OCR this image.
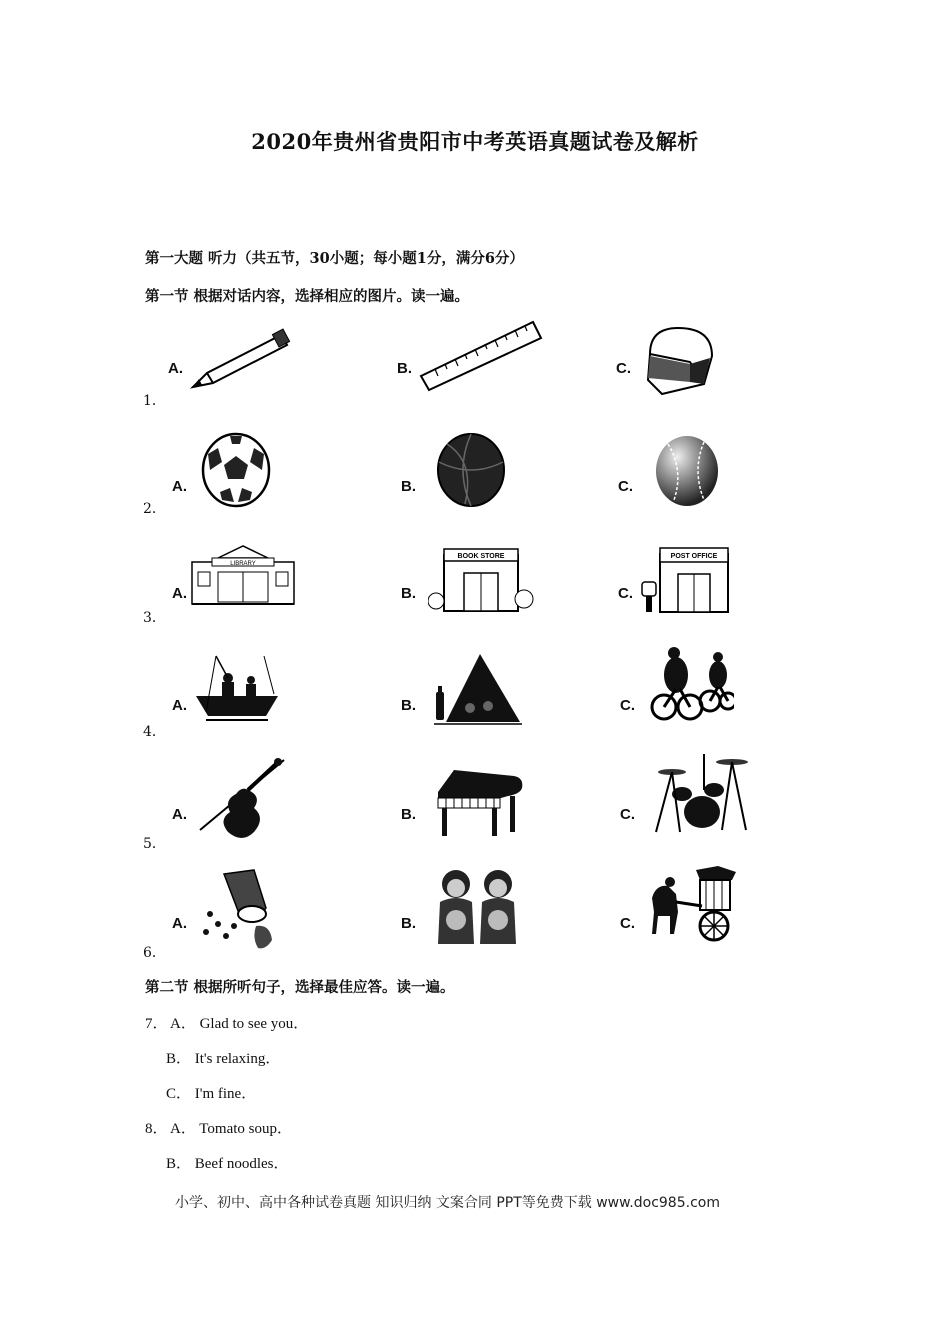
2020年贵州省贵阳市中考英语真题试卷及解析
第一大题 听力（共五节，30小题；每小题1分，满分6分）
第一节 根据对话内容，选择相应的图片。读一遍。
1．
A.	B.	C.
2．
A.	B.	C.
3．
A.
LIBRARY
B.
BOOK STORE
C.
POST OFFICE
4．
A.	B.	C.
5．
A.	B.	C.
6．
A.	B.	C.
第二节 根据所听句子，选择最佳应答。读一遍。
7． A． Glad to see you．
B． It's relaxing．
C． I'm fine．
8． A． Tomato soup．
B． Beef noodles．
小学、初中、高中各种试卷真题 知识归纳 文案合同 PPT等免费下载 www.doc985.com
